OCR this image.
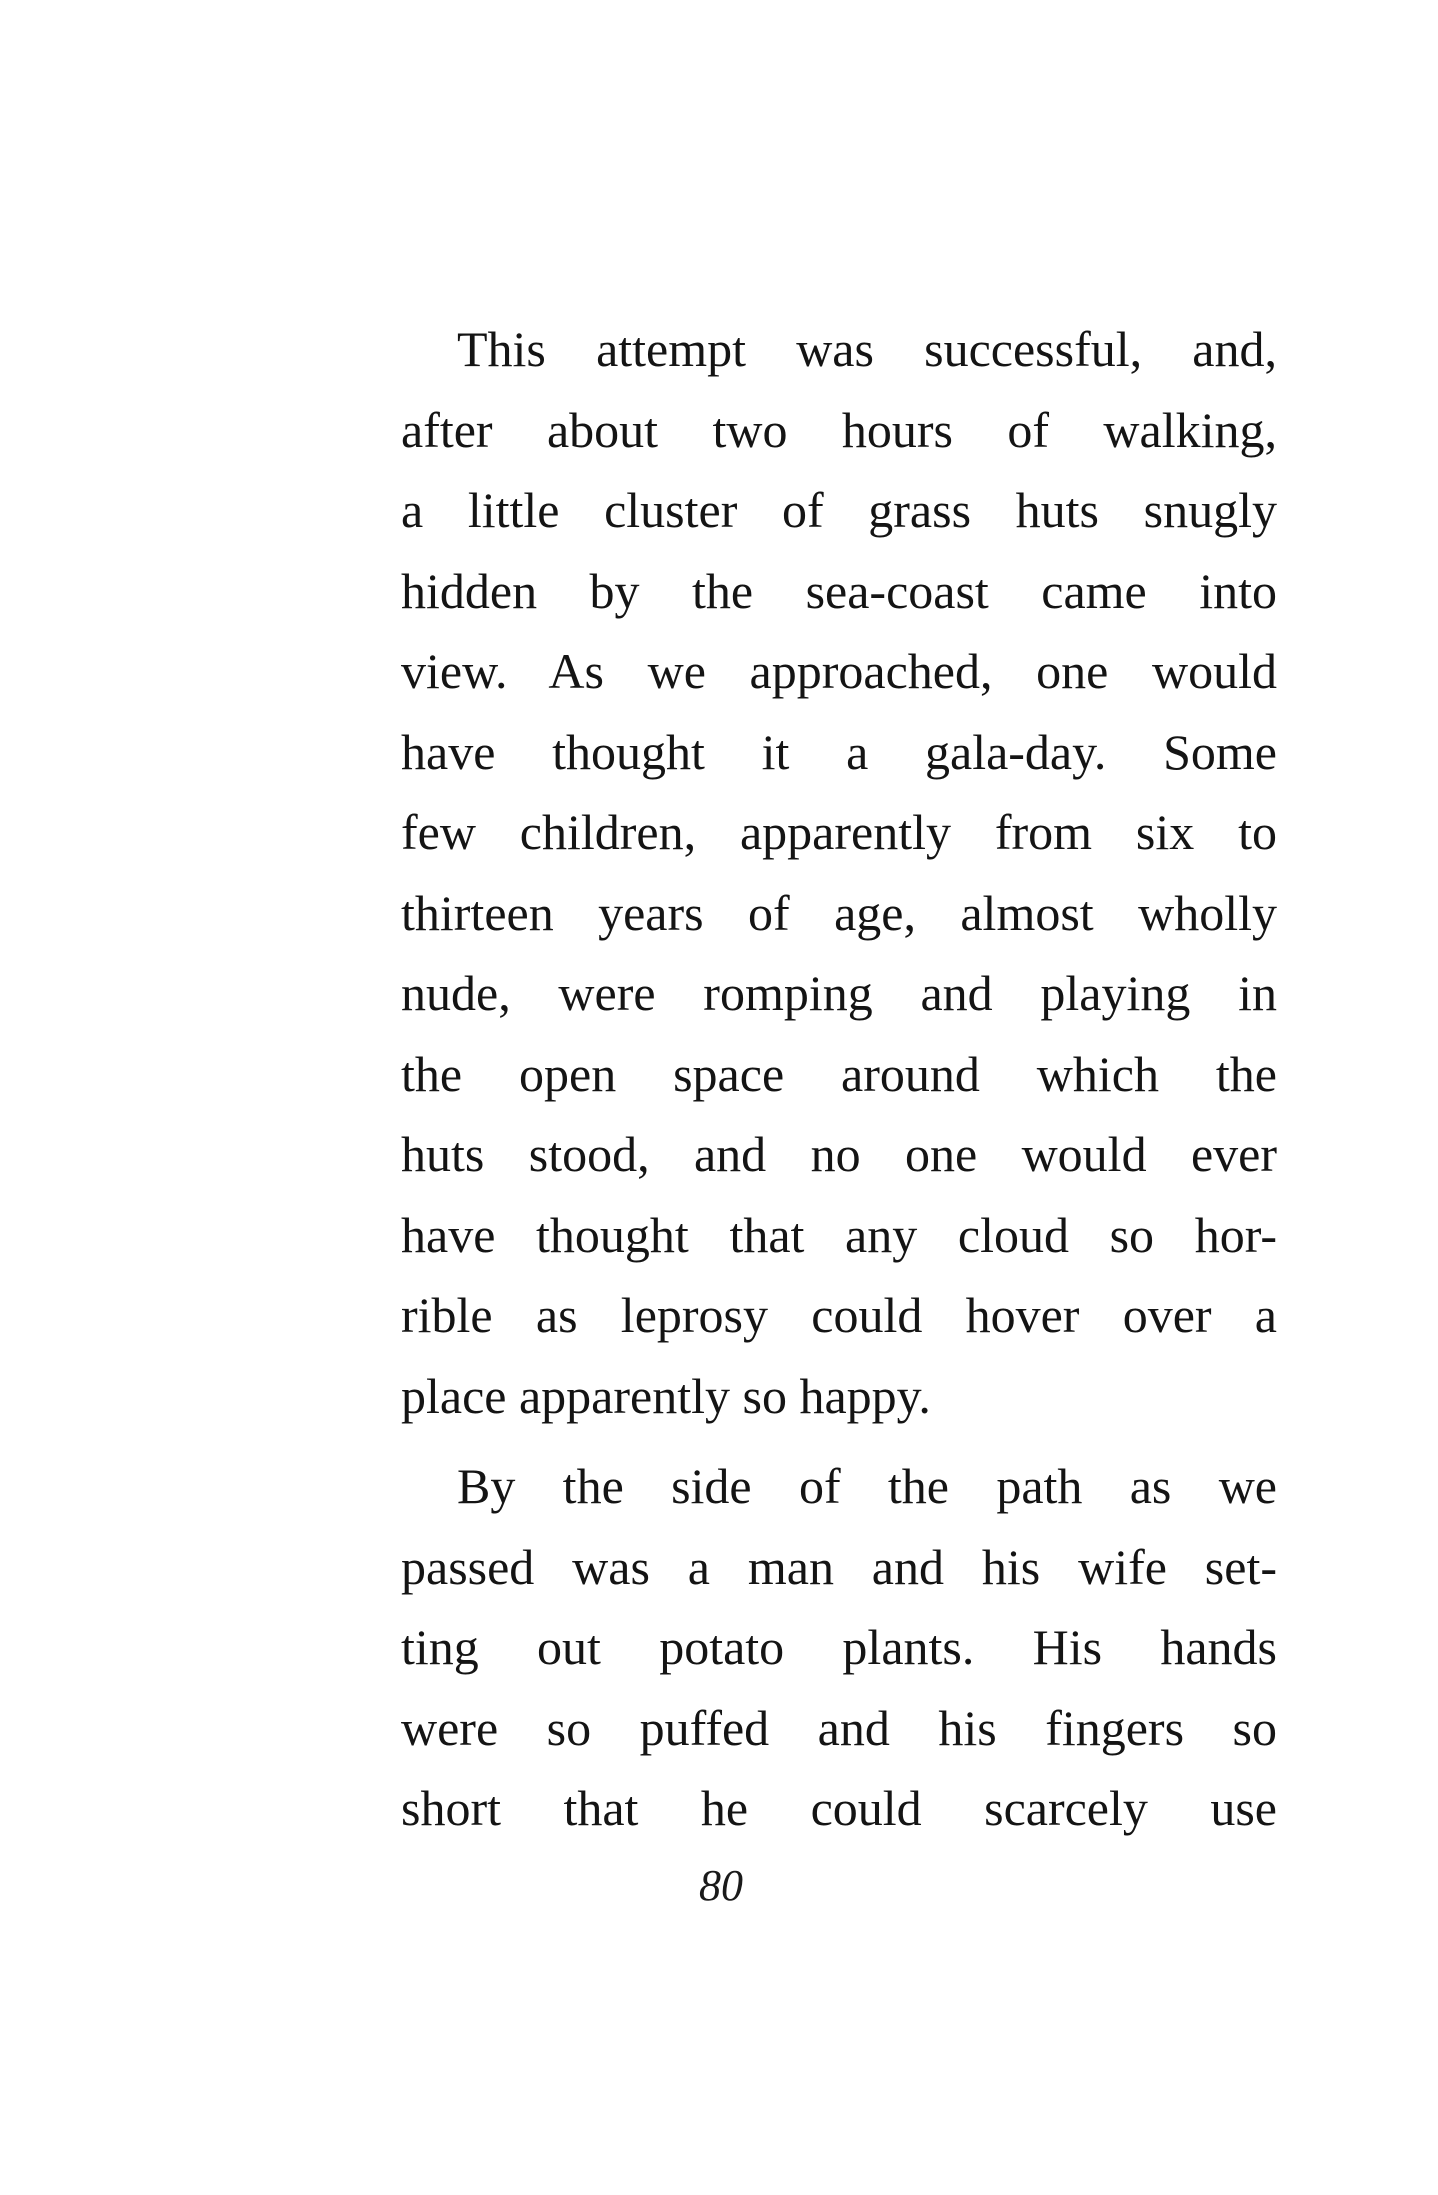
This attempt was successful, and,
after about two hours of walking,
a little cluster of grass huts snugly
hidden by the sea-coast came into
view. As we approached, one would
have thought it a gala-day. Some
few children, apparently from six to
thirteen years of age, almost wholly
nude, were romping and playing in
the open space around which the
huts stood, and no one would ever
have thought that any cloud so hor-
rible as leprosy could hover over a
place apparently so happy.
By the side of the path as we
passed was a man and his wife set-
ting out potato plants. His hands
were so puffed and his fingers so
short that he could scarcely use
80
